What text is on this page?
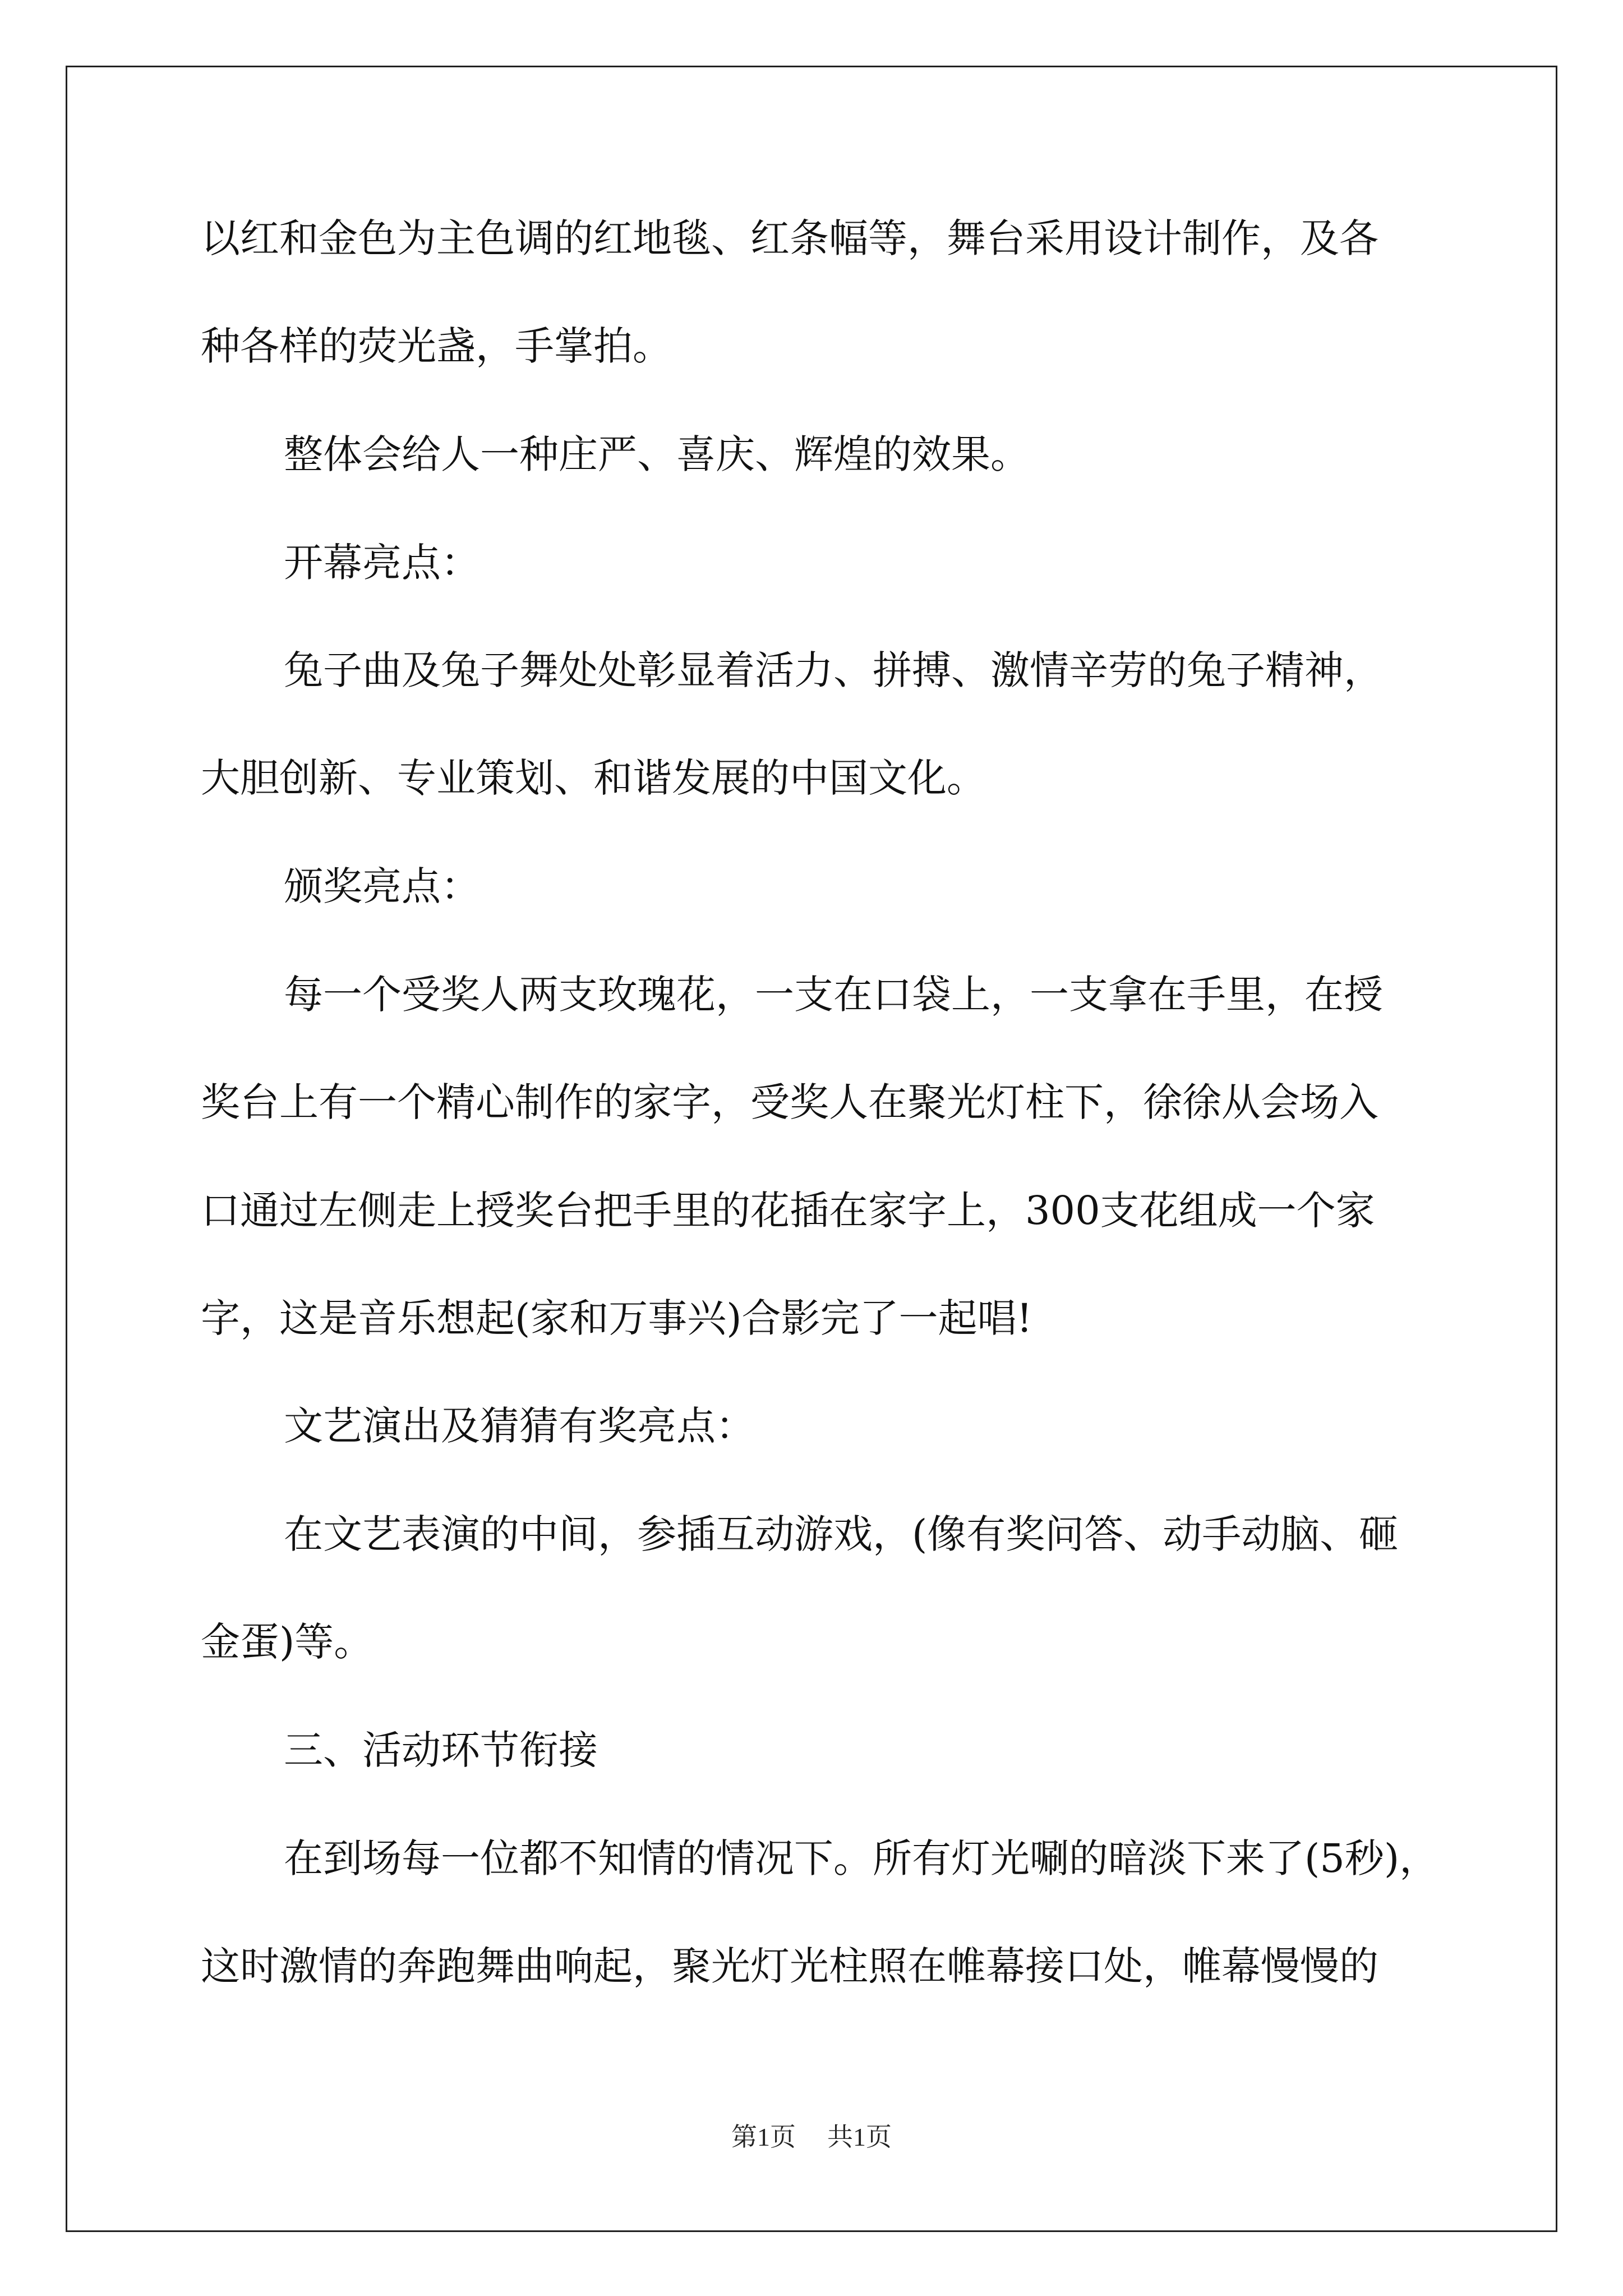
以红和金色为主色调的红地毯、红条幅等，舞台采用设计制作，及各
种各样的荧光盏，手掌拍。
整体会给人一种庄严、喜庆、辉煌的效果。
开幕亮点：
兔子曲及兔子舞处处彰显着活力、拼搏、激情辛劳的兔子精神，
大胆创新、专业策划、和谐发展的中国文化。
颁奖亮点：
每一个受奖人两支玫瑰花，一支在口袋上，一支拿在手里，在授
奖台上有一个精心制作的家字，受奖人在聚光灯柱下，徐徐从会场入
口通过左侧走上授奖台把手里的花插在家字上，300支花组成一个家
字，这是音乐想起(家和万事兴)合影完了一起唱!
文艺演出及猜猜有奖亮点：
在文艺表演的中间，参插互动游戏，(像有奖问答、动手动脑、砸
金蛋)等。
三、活动环节衔接
在到场每一位都不知情的情况下。所有灯光唰的暗淡下来了(5秒)，
这时激情的奔跑舞曲响起，聚光灯光柱照在帷幕接口处，帷幕慢慢的
第1页 共1页
